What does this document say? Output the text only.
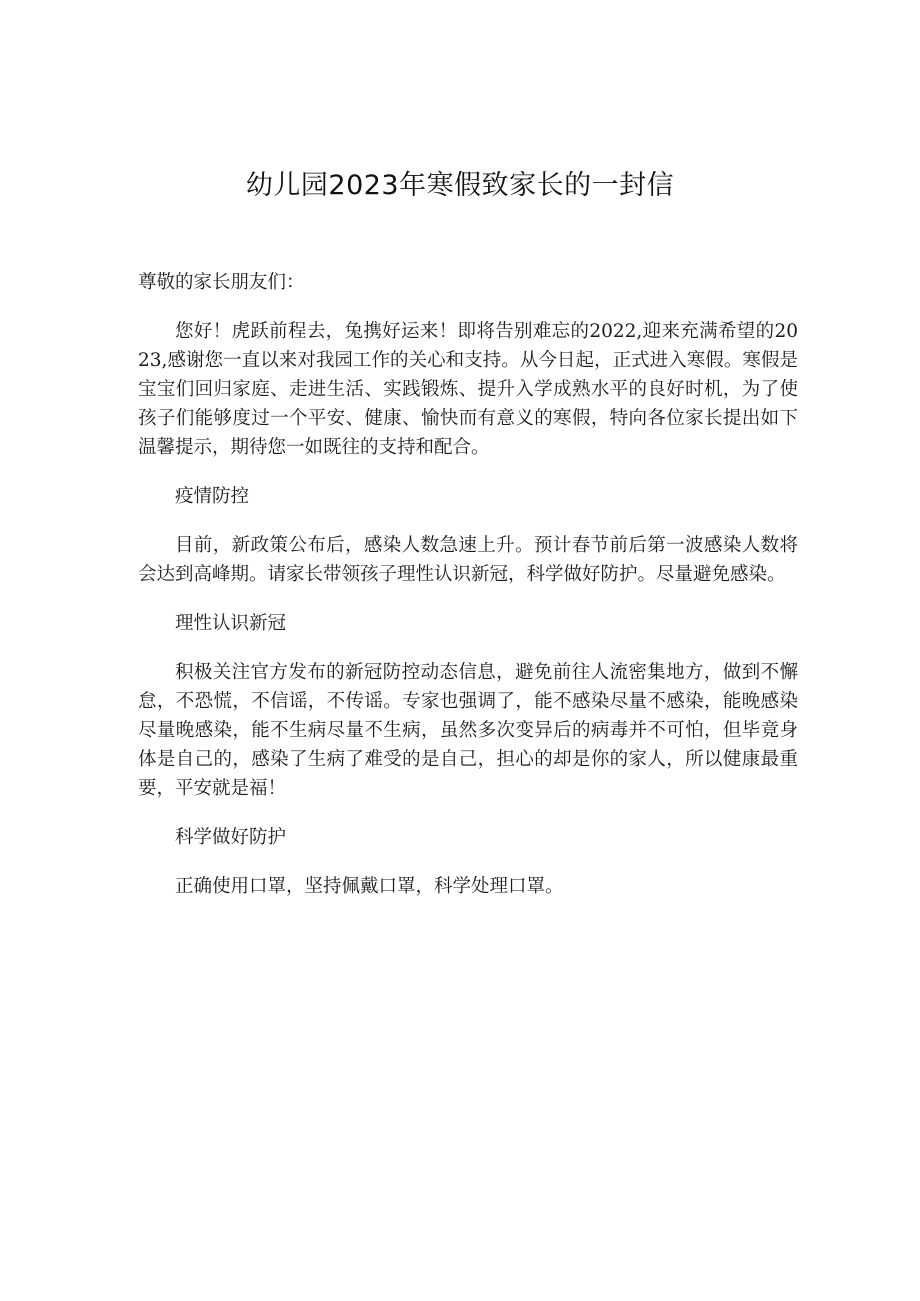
幼儿园2023年寒假致家长的一封信

尊敬的家长朋友们：

您好！虎跃前程去，兔携好运来！即将告别难忘的2022,迎来充满希望的2023,感谢您一直以来对我园工作的关心和支持。从今日起，正式进入寒假。寒假是宝宝们回归家庭、走进生活、实践锻炼、提升入学成熟水平的良好时机，为了使孩子们能够度过一个平安、健康、愉快而有意义的寒假，特向各位家长提出如下温馨提示，期待您一如既往的支持和配合。

疫情防控

目前，新政策公布后，感染人数急速上升。预计春节前后第一波感染人数将会达到高峰期。请家长带领孩子理性认识新冠，科学做好防护。尽量避免感染。

理性认识新冠

积极关注官方发布的新冠防控动态信息，避免前往人流密集地方，做到不懈怠，不恐慌，不信谣，不传谣。专家也强调了，能不感染尽量不感染，能晚感染尽量晚感染，能不生病尽量不生病，虽然多次变异后的病毒并不可怕，但毕竟身体是自己的，感染了生病了难受的是自己，担心的却是你的家人，所以健康最重要，平安就是福！

科学做好防护

正确使用口罩，坚持佩戴口罩，科学处理口罩。
